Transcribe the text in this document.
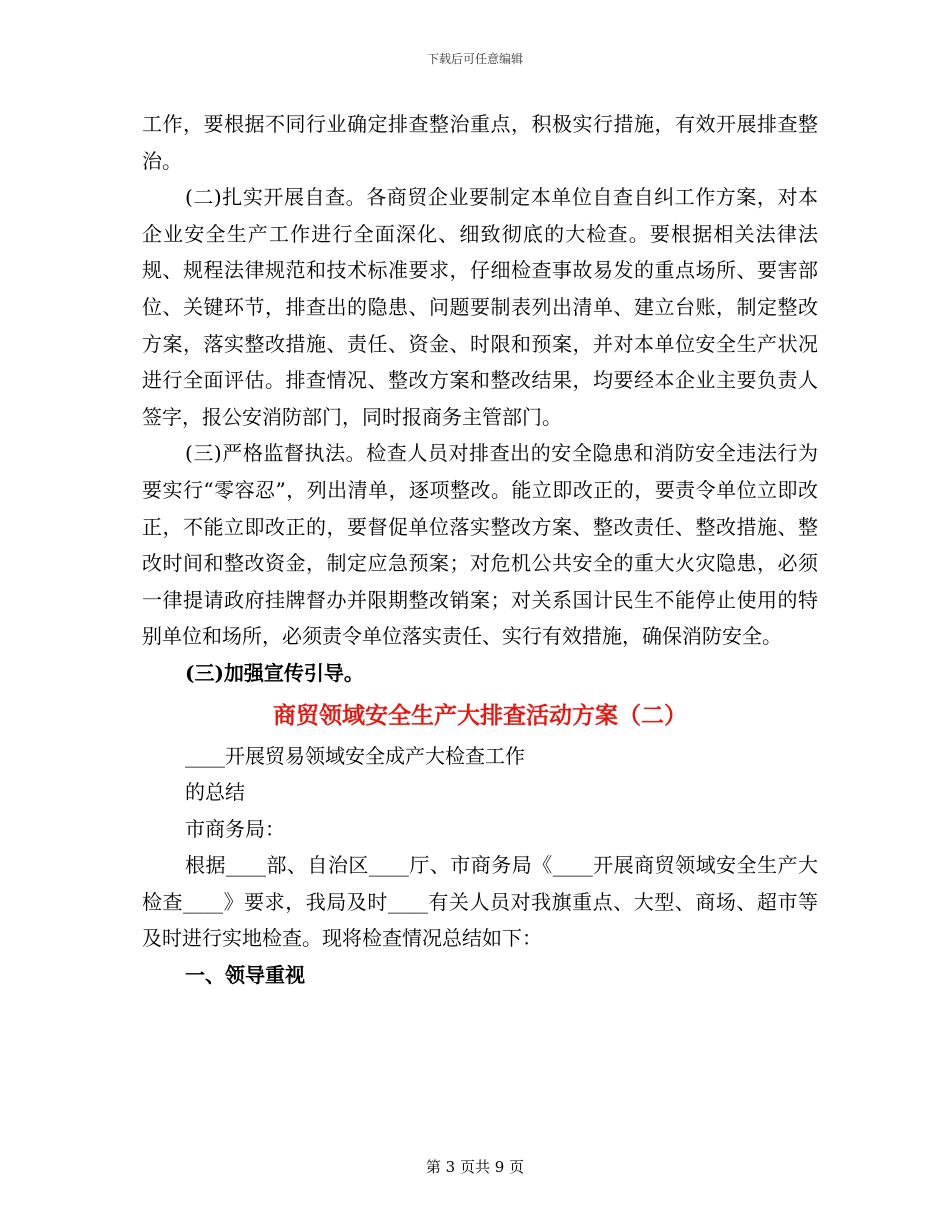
下载后可任意编辑

工作，要根据不同行业确定排查整治重点，积极实行措施，有效开展排查整治。

(二)扎实开展自查。各商贸企业要制定本单位自查自纠工作方案，对本企业安全生产工作进行全面深化、细致彻底的大检查。要根据相关法律法规、规程法律规范和技术标准要求，仔细检查事故易发的重点场所、要害部位、关键环节，排查出的隐患、问题要制表列出清单、建立台账，制定整改方案，落实整改措施、责任、资金、时限和预案，并对本单位安全生产状况进行全面评估。排查情况、整改方案和整改结果，均要经本企业主要负责人签字，报公安消防部门，同时报商务主管部门。

(三)严格监督执法。检查人员对排查出的安全隐患和消防安全违法行为要实行“零容忍”，列出清单，逐项整改。能立即改正的，要责令单位立即改正，不能立即改正的，要督促单位落实整改方案、整改责任、整改措施、整改时间和整改资金，制定应急预案；对危机公共安全的重大火灾隐患，必须一律提请政府挂牌督办并限期整改销案；对关系国计民生不能停止使用的特别单位和场所，必须责令单位落实责任、实行有效措施，确保消防安全。

(三)加强宣传引导。

商贸领域安全生产大排查活动方案（二）

____开展贸易领域安全成产大检查工作

的总结

市商务局：

根据____部、自治区____厅、市商务局《____开展商贸领域安全生产大检查____》要求，我局及时____有关人员对我旗重点、大型、商场、超市等及时进行实地检查。现将检查情况总结如下：

一、领导重视

第 3 页共 9 页
